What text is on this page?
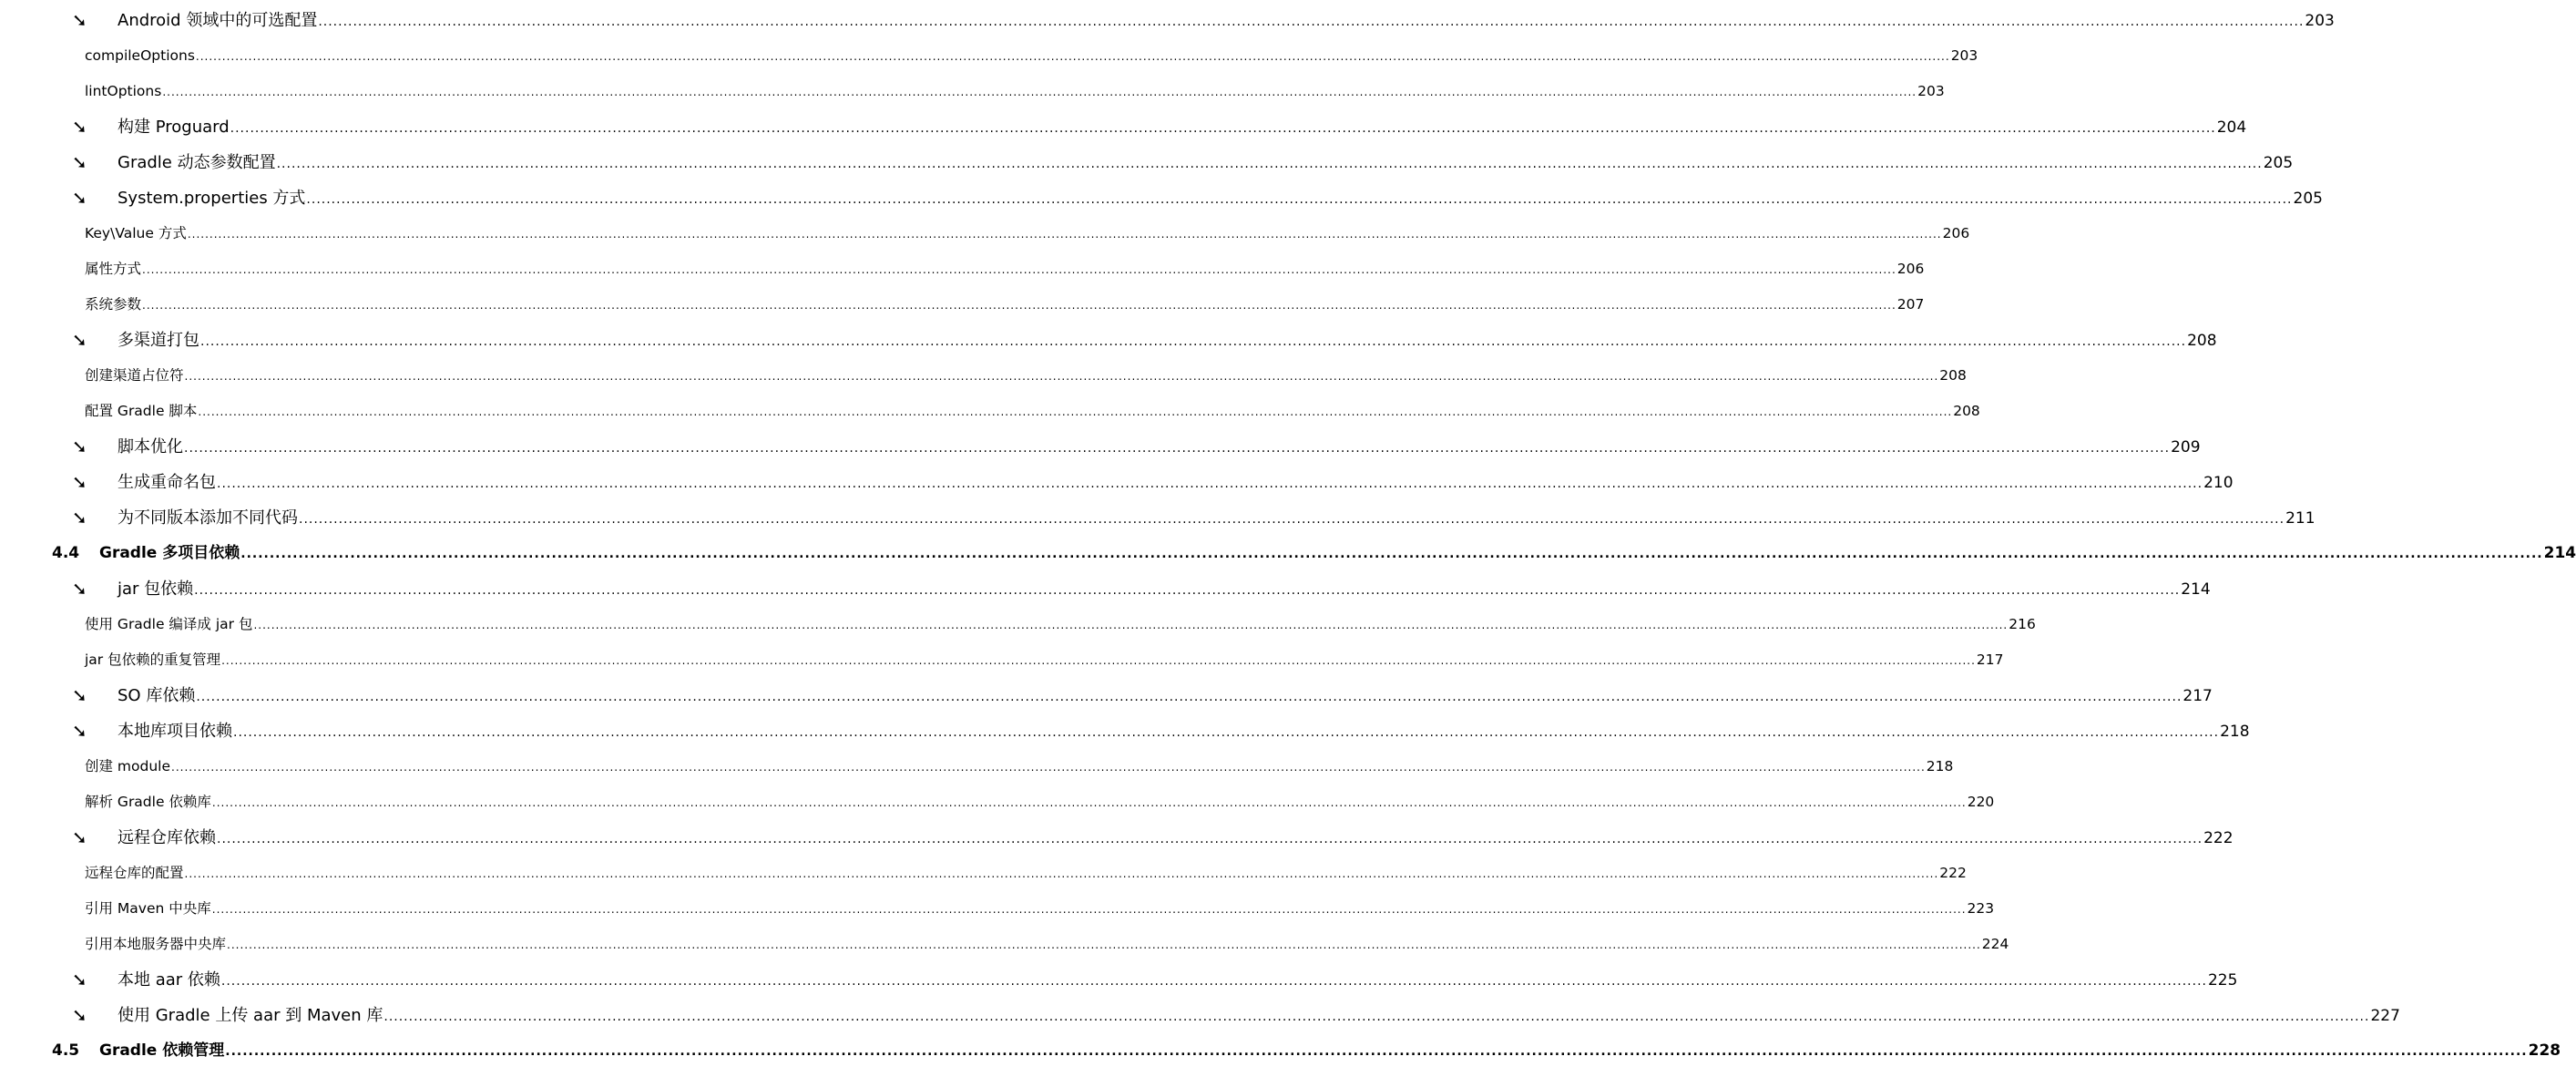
➘ Android 领域中的可选配置 ................................................................................................................................................................................................................................................................................................................................................................................................................ 203
compileOptions ................................................................................................................................................................................................................................................................................................................................................................................................................ 203
lintOptions ................................................................................................................................................................................................................................................................................................................................................................................................................ 203
➘ 构建 Proguard ................................................................................................................................................................................................................................................................................................................................................................................................................ 204
➘ Gradle 动态参数配置 ................................................................................................................................................................................................................................................................................................................................................................................................................ 205
➘ System.properties 方式 ................................................................................................................................................................................................................................................................................................................................................................................................................ 205
Key\Value 方式 ................................................................................................................................................................................................................................................................................................................................................................................................................ 206
属性方式 ................................................................................................................................................................................................................................................................................................................................................................................................................ 206
系统参数 ................................................................................................................................................................................................................................................................................................................................................................................................................ 207
➘ 多渠道打包 ................................................................................................................................................................................................................................................................................................................................................................................................................ 208
创建渠道占位符 ................................................................................................................................................................................................................................................................................................................................................................................................................ 208
配置 Gradle 脚本 ................................................................................................................................................................................................................................................................................................................................................................................................................ 208
➘ 脚本优化 ................................................................................................................................................................................................................................................................................................................................................................................................................ 209
➘ 生成重命名包 ................................................................................................................................................................................................................................................................................................................................................................................................................ 210
➘ 为不同版本添加不同代码 ................................................................................................................................................................................................................................................................................................................................................................................................................ 211
4.4 Gradle 多项目依赖 ................................................................................................................................................................................................................................................................................................................................................................................................................ 214
➘ jar 包依赖 ................................................................................................................................................................................................................................................................................................................................................................................................................ 214
使用 Gradle 编译成 jar 包 ................................................................................................................................................................................................................................................................................................................................................................................................................ 216
jar 包依赖的重复管理 ................................................................................................................................................................................................................................................................................................................................................................................................................ 217
➘ SO 库依赖 ................................................................................................................................................................................................................................................................................................................................................................................................................ 217
➘ 本地库项目依赖 ................................................................................................................................................................................................................................................................................................................................................................................................................ 218
创建 module ................................................................................................................................................................................................................................................................................................................................................................................................................ 218
解析 Gradle 依赖库 ................................................................................................................................................................................................................................................................................................................................................................................................................ 220
➘ 远程仓库依赖 ................................................................................................................................................................................................................................................................................................................................................................................................................ 222
远程仓库的配置 ................................................................................................................................................................................................................................................................................................................................................................................................................ 222
引用 Maven 中央库 ................................................................................................................................................................................................................................................................................................................................................................................................................ 223
引用本地服务器中央库 ................................................................................................................................................................................................................................................................................................................................................................................................................ 224
➘ 本地 aar 依赖 ................................................................................................................................................................................................................................................................................................................................................................................................................ 225
➘ 使用 Gradle 上传 aar 到 Maven 库 ................................................................................................................................................................................................................................................................................................................................................................................................................ 227
4.5 Gradle 依赖管理 ................................................................................................................................................................................................................................................................................................................................................................................................................ 228
